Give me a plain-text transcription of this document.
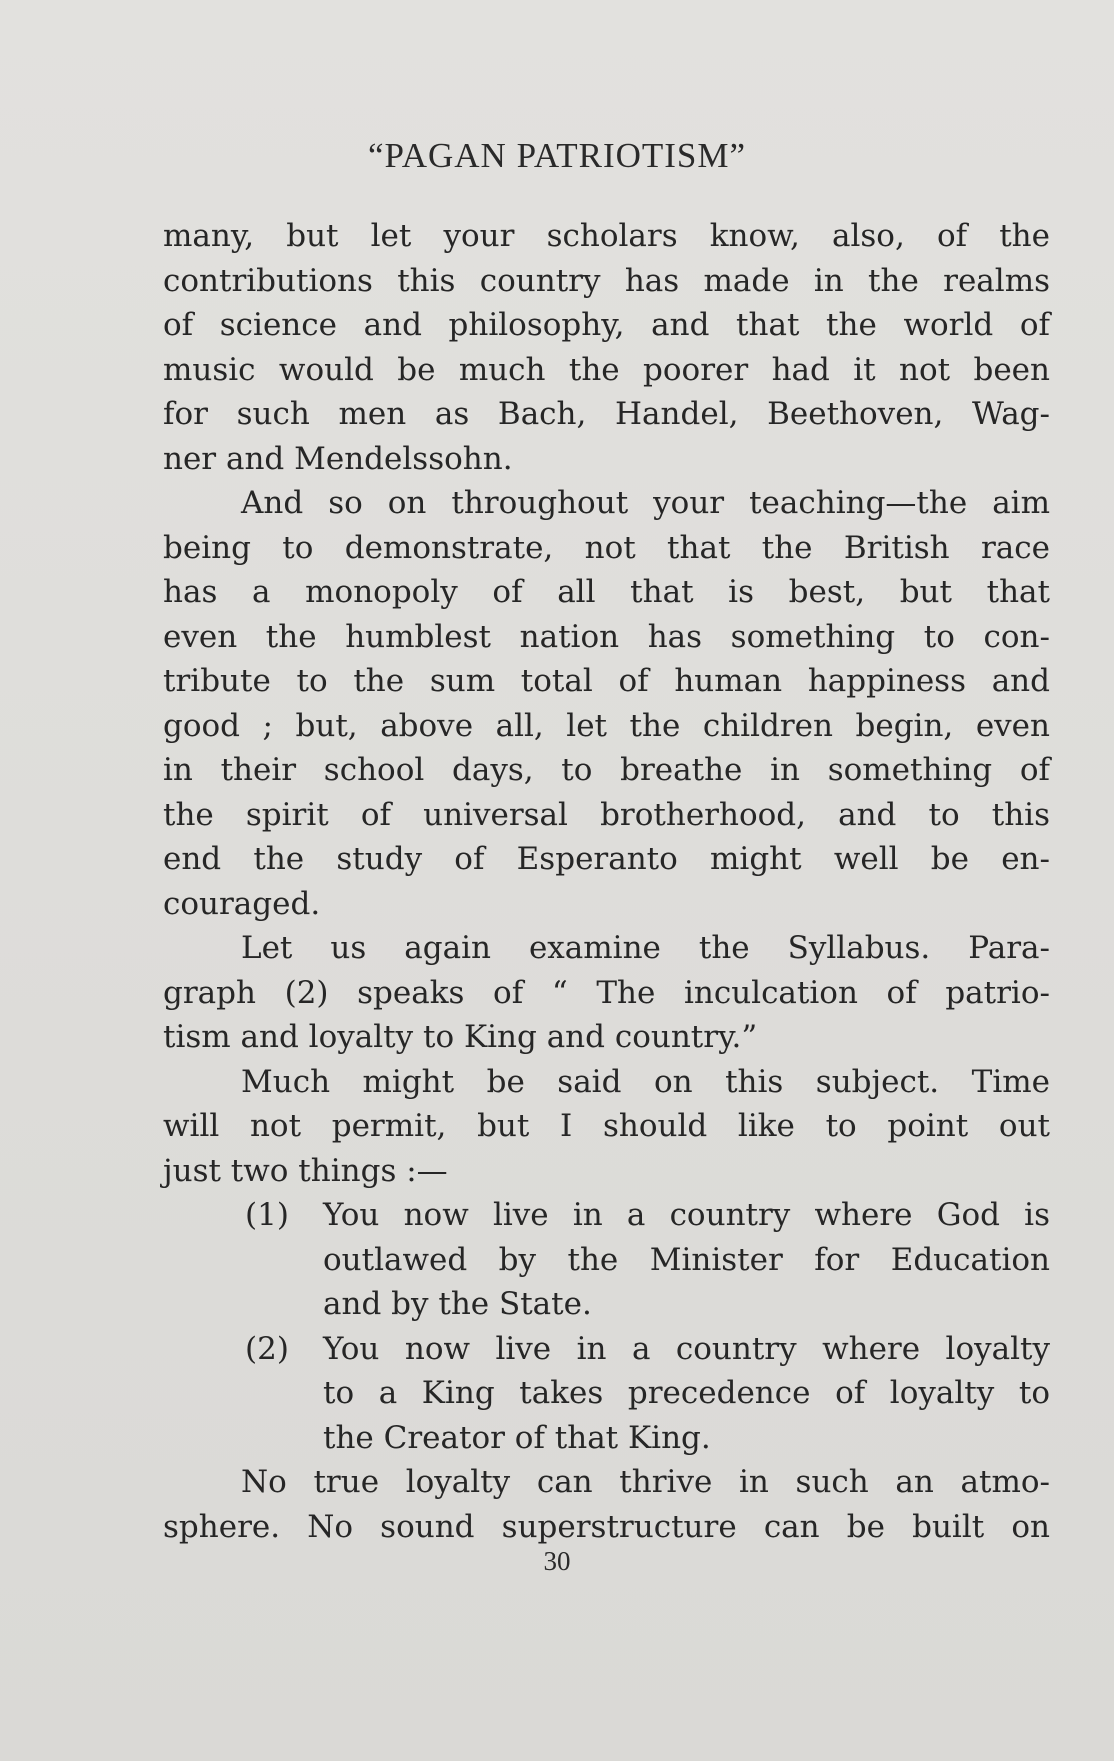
“PAGAN PATRIOTISM”
many, but let your scholars know, also, of the
contributions this country has made in the realms
of science and philosophy, and that the world of
music would be much the poorer had it not been
for such men as Bach, Handel, Beethoven, Wag-
ner and Mendelssohn.
And so on throughout your teaching—the aim
being to demonstrate, not that the British race
has a monopoly of all that is best, but that
even the humblest nation has something to con-
tribute to the sum total of human happiness and
good ; but, above all, let the children begin, even
in their school days, to breathe in something of
the spirit of universal brotherhood, and to this
end the study of Esperanto might well be en-
couraged.
Let us again examine the Syllabus. Para-
graph (2) speaks of “ The inculcation of patrio-
tism and loyalty to King and country.”
Much might be said on this subject. Time
will not permit, but I should like to point out
just two things :—
(1) You now live in a country where God is
outlawed by the Minister for Education
and by the State.
(2) You now live in a country where loyalty
to a King takes precedence of loyalty to
the Creator of that King.
No true loyalty can thrive in such an atmo-
sphere. No sound superstructure can be built on
30
